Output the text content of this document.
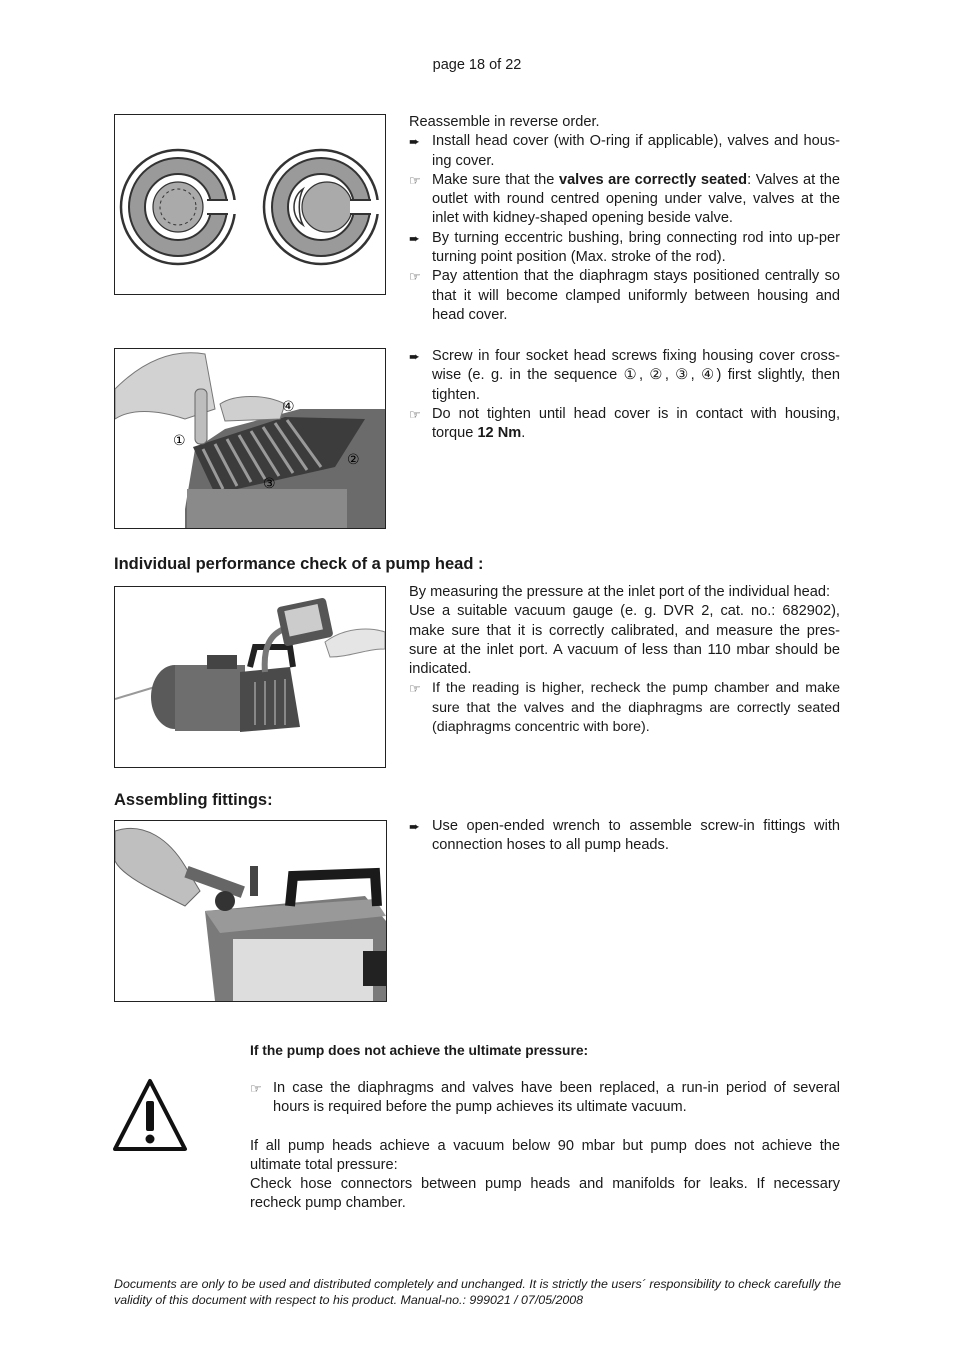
page 18 of 22

Reassemble in reverse order.

➨ Install head cover (with O-ring if applicable), valves and hous-ing cover.
☞ Make sure that the valves are correctly seated: Valves at the outlet with round centred opening under valve, valves at the inlet with kidney-shaped opening beside valve.
➨ By turning eccentric bushing, bring connecting rod into up-per turning point position (Max. stroke of the rod).
☞ Pay attention that the diaphragm stays positioned centrally so that it will become clamped uniformly between housing and head cover.
④
①
②
③
➨ Screw in four socket head screws fixing housing cover cross-wise (e. g. in the sequence ①, ②, ③, ④) first slightly, then tighten.
☞ Do not tighten until head cover is in contact with housing, torque 12 Nm.
Individual performance check of a pump head :

By measuring the pressure at the inlet port of the individual head:

Use a suitable vacuum gauge (e. g. DVR 2, cat. no.: 682902), make sure that it is correctly calibrated, and measure the pres-sure at the inlet port. A vacuum of less than 110 mbar should be indicated.

☞ If the reading is higher, recheck the pump chamber and make sure that the valves and the diaphragms are correctly seated (diaphragms concentric with bore).
Assembling fittings:
➨ Use open-ended wrench to assemble screw-in fittings with connection hoses to all pump heads.
If the pump does not achieve the ultimate pressure:
☞ In case the diaphragms and valves have been replaced, a run-in period of several hours is required before the pump achieves its ultimate vacuum.

If all pump heads achieve a vacuum below 90 mbar but pump does not achieve the ultimate total pressure:

Check hose connectors between pump heads and manifolds for leaks. If necessary recheck pump chamber.

Documents are only to be used and distributed completely and unchanged. It is strictly the users´ responsibility to check carefully the validity of this document with respect to his product. Manual-no.: 999021 / 07/05/2008
